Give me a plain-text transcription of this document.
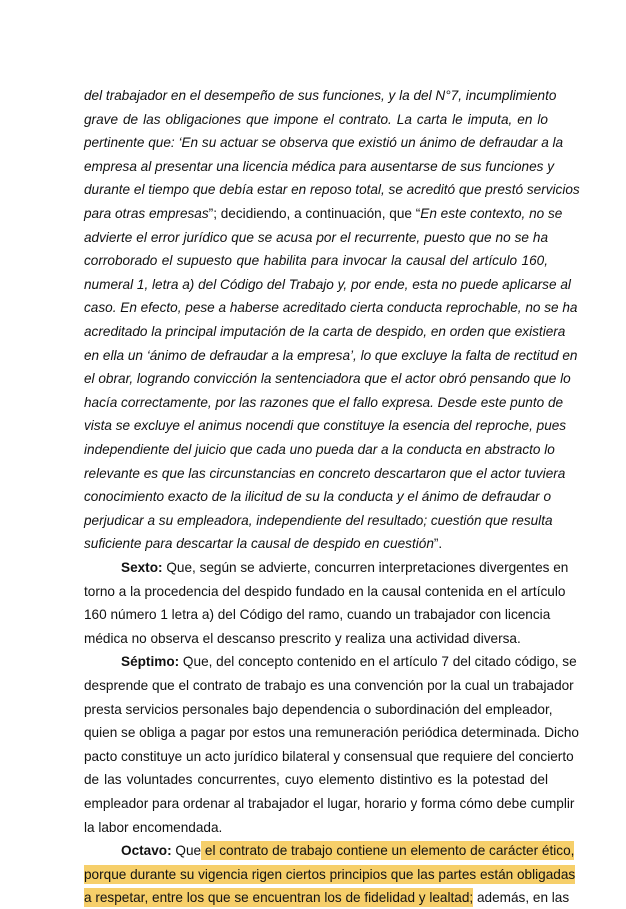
del trabajador en el desempeño de sus funciones, y la del N°7, incumplimiento
grave de las obligaciones que impone el contrato. La carta le imputa, en lo
pertinente que: ‘En su actuar se observa que existió un ánimo de defraudar a la
empresa al presentar una licencia médica para ausentarse de sus funciones y
durante el tiempo que debía estar en reposo total, se acreditó que prestó servicios
para otras empresas”; decidiendo, a continuación, que “En este contexto, no se
advierte el error jurídico que se acusa por el recurrente, puesto que no se ha
corroborado el supuesto que habilita para invocar la causal del artículo 160,
numeral 1, letra a) del Código del Trabajo y, por ende, esta no puede aplicarse al
caso. En efecto, pese a haberse acreditado cierta conducta reprochable, no se ha
acreditado la principal imputación de la carta de despido, en orden que existiera
en ella un ‘ánimo de defraudar a la empresa’, lo que excluye la falta de rectitud en
el obrar, logrando convicción la sentenciadora que el actor obró pensando que lo
hacía correctamente, por las razones que el fallo expresa. Desde este punto de
vista se excluye el animus nocendi que constituye la esencia del reproche, pues
independiente del juicio que cada uno pueda dar a la conducta en abstracto lo
relevante es que las circunstancias en concreto descartaron que el actor tuviera
conocimiento exacto de la ilicitud de su la conducta y el ánimo de defraudar o
perjudicar a su empleadora, independiente del resultado; cuestión que resulta
suficiente para descartar la causal de despido en cuestión”.
Sexto: Que, según se advierte, concurren interpretaciones divergentes en
torno a la procedencia del despido fundado en la causal contenida en el artículo
160 número 1 letra a) del Código del ramo, cuando un trabajador con licencia
médica no observa el descanso prescrito y realiza una actividad diversa.
Séptimo: Que, del concepto contenido en el artículo 7 del citado código, se
desprende que el contrato de trabajo es una convención por la cual un trabajador
presta servicios personales bajo dependencia o subordinación del empleador,
quien se obliga a pagar por estos una remuneración periódica determinada. Dicho
pacto constituye un acto jurídico bilateral y consensual que requiere del concierto
de las voluntades concurrentes, cuyo elemento distintivo es la potestad del
empleador para ordenar al trabajador el lugar, horario y forma cómo debe cumplir
la labor encomendada.
Octavo: Que el contrato de trabajo contiene un elemento de carácter ético,
porque durante su vigencia rigen ciertos principios que las partes están obligadas
a respetar, entre los que se encuentran los de fidelidad y lealtad; además, en las
